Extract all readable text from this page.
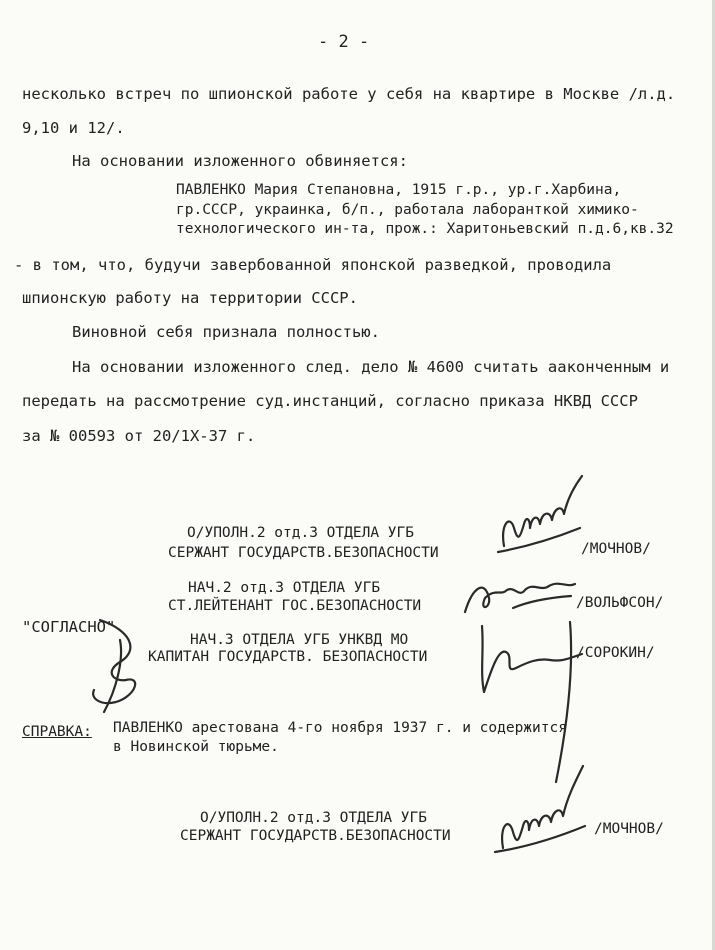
- 2 -
несколько встреч по шпионской работе у себя на квартире в Москве /л.д.
9,10 и 12/.
На основании изложенного обвиняется:
ПАВЛЕНКО Мария Степановна, 1915 г.р., ур.г.Харбина,
гр.СССР, украинка, б/п., работала лаборанткой химико-
технологического ин-та, прож.: Харитоньевский п.д.6,кв.32
- в том, что, будучи завербованной японской разведкой, проводила
шпионскую работу на территории СССР.
Виновной себя признала полностью.
На основании изложенного след. дело № 4600 считать ааконченным и
передать на рассмотрение суд.инстанций, согласно приказа НКВД СССР
за № 00593 от 20/1Х-37 г.
О/УПОЛН.2 отд.3 ОТДЕЛА УГБ
СЕРЖАНТ ГОСУДАРСТВ.БЕЗОПАСНОСТИ	/МОЧНОВ/
НАЧ.2 отд.3 ОТДЕЛА УГБ
СТ.ЛЕЙТЕНАНТ ГОС.БЕЗОПАСНОСТИ	/ВОЛЬФСОН/
"СОГЛАСНО"
НАЧ.3 ОТДЕЛА УГБ УНКВД МО
КАПИТАН ГОСУДАРСТВ. БЕЗОПАСНОСТИ	/СОРОКИН/
СПРАВКА: ПАВЛЕНКО арестована 4-го ноября 1937 г. и содержится
в Новинской тюрьме.
О/УПОЛН.2 отд.3 ОТДЕЛА УГБ
СЕРЖАНТ ГОСУДАРСТВ.БЕЗОПАСНОСТИ	/МОЧНОВ/
